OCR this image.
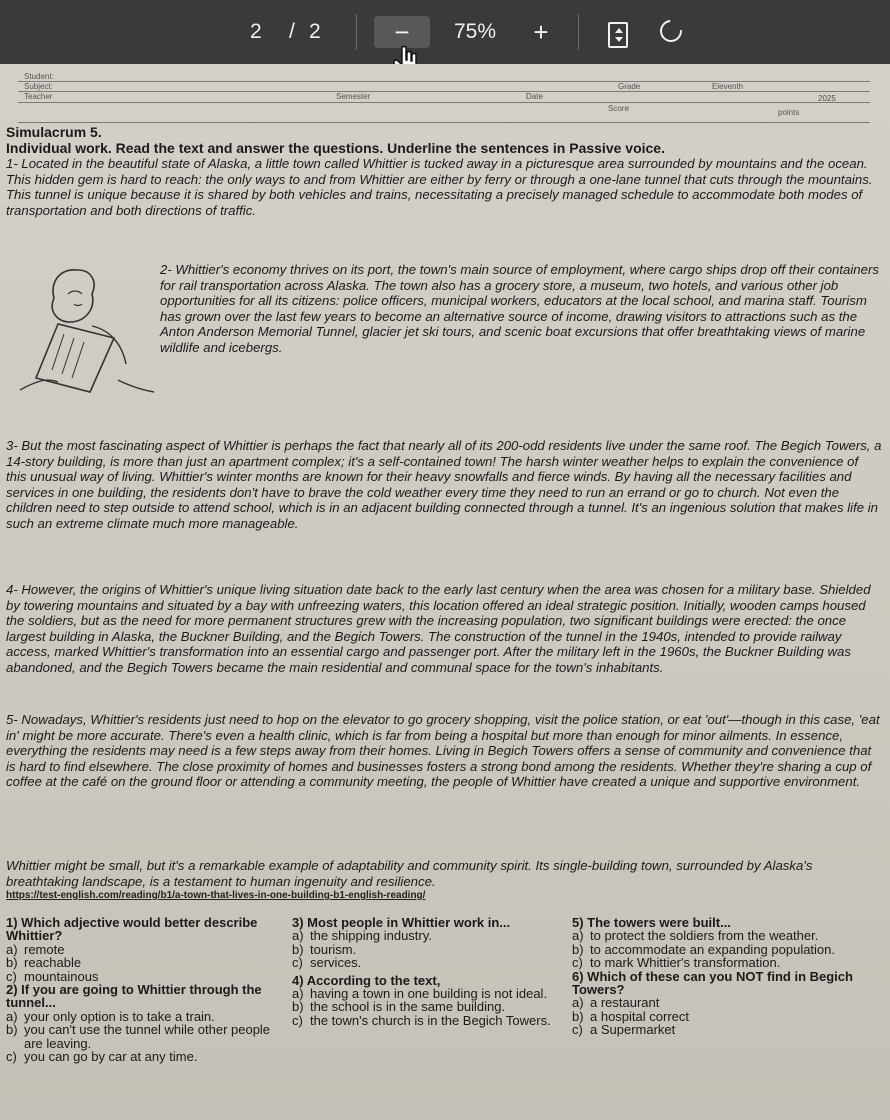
2 / 2	−	75%	+
Student:
Subject:
Teacher	Semester	Date
Grade	Eleventh
Score
2025
points
Simulacrum 5.
Individual work. Read the text and answer the questions. Underline the sentences in Passive voice.

1- Located in the beautiful state of Alaska, a little town called Whittier is tucked away in a picturesque area surrounded by mountains and the ocean. This hidden gem is hard to reach: the only ways to and from Whittier are either by ferry or through a one-lane tunnel that cuts through the mountains. This tunnel is unique because it is shared by both vehicles and trains, necessitating a precisely managed schedule to accommodate both modes of transportation and both directions of traffic.

2- Whittier's economy thrives on its port, the town's main source of employment, where cargo ships drop off their containers for rail transportation across Alaska. The town also has a grocery store, a museum, two hotels, and various other job opportunities for all its citizens: police officers, municipal workers, educators at the local school, and marina staff. Tourism has grown over the last few years to become an alternative source of income, drawing visitors to attractions such as the Anton Anderson Memorial Tunnel, glacier jet ski tours, and scenic boat excursions that offer breathtaking views of marine wildlife and icebergs.

3- But the most fascinating aspect of Whittier is perhaps the fact that nearly all of its 200-odd residents live under the same roof. The Begich Towers, a 14-story building, is more than just an apartment complex; it's a self-contained town! The harsh winter weather helps to explain the convenience of this unusual way of living. Whittier's winter months are known for their heavy snowfalls and fierce winds. By having all the necessary facilities and services in one building, the residents don't have to brave the cold weather every time they need to run an errand or go to church. Not even the children need to step outside to attend school, which is in an adjacent building connected through a tunnel. It's an ingenious solution that makes life in such an extreme climate much more manageable.

4- However, the origins of Whittier's unique living situation date back to the early last century when the area was chosen for a military base. Shielded by towering mountains and situated by a bay with unfreezing waters, this location offered an ideal strategic position. Initially, wooden camps housed the soldiers, but as the need for more permanent structures grew with the increasing population, two significant buildings were erected: the once largest building in Alaska, the Buckner Building, and the Begich Towers. The construction of the tunnel in the 1940s, intended to provide railway access, marked Whittier's transformation into an essential cargo and passenger port. After the military left in the 1960s, the Buckner Building was abandoned, and the Begich Towers became the main residential and communal space for the town's inhabitants.

5- Nowadays, Whittier's residents just need to hop on the elevator to go grocery shopping, visit the police station, or eat 'out'—though in this case, 'eat in' might be more accurate. There's even a health clinic, which is far from being a hospital but more than enough for minor ailments. In essence, everything the residents may need is a few steps away from their homes. Living in Begich Towers offers a sense of community and convenience that is hard to find elsewhere. The close proximity of homes and businesses fosters a strong bond among the residents. Whether they're sharing a cup of coffee at the café on the ground floor or attending a community meeting, the people of Whittier have created a unique and supportive environment.

Whittier might be small, but it's a remarkable example of adaptability and community spirit. Its single-building town, surrounded by Alaska's breathtaking landscape, is a testament to human ingenuity and resilience.

https://test-english.com/reading/b1/a-town-that-lives-in-one-building-b1-english-reading/

1) Which adjective would better describe Whittier?

a) remote

b) reachable

c) mountainous

2) If you are going to Whittier through the tunnel...

a) your only option is to take a train.

b) you can't use the tunnel while other people are leaving.

c) you can go by car at any time.

3) Most people in Whittier work in...

a) the shipping industry.

b) tourism.

c) services.

4) According to the text,

a) having a town in one building is not ideal.

b) the school is in the same building.

c) the town's church is in the Begich Towers.

5) The towers were built...

a) to protect the soldiers from the weather.

b) to accommodate an expanding population.

c) to mark Whittier's transformation.

6) Which of these can you NOT find in Begich Towers?

a) a restaurant

b) a hospital correct

c) a Supermarket
